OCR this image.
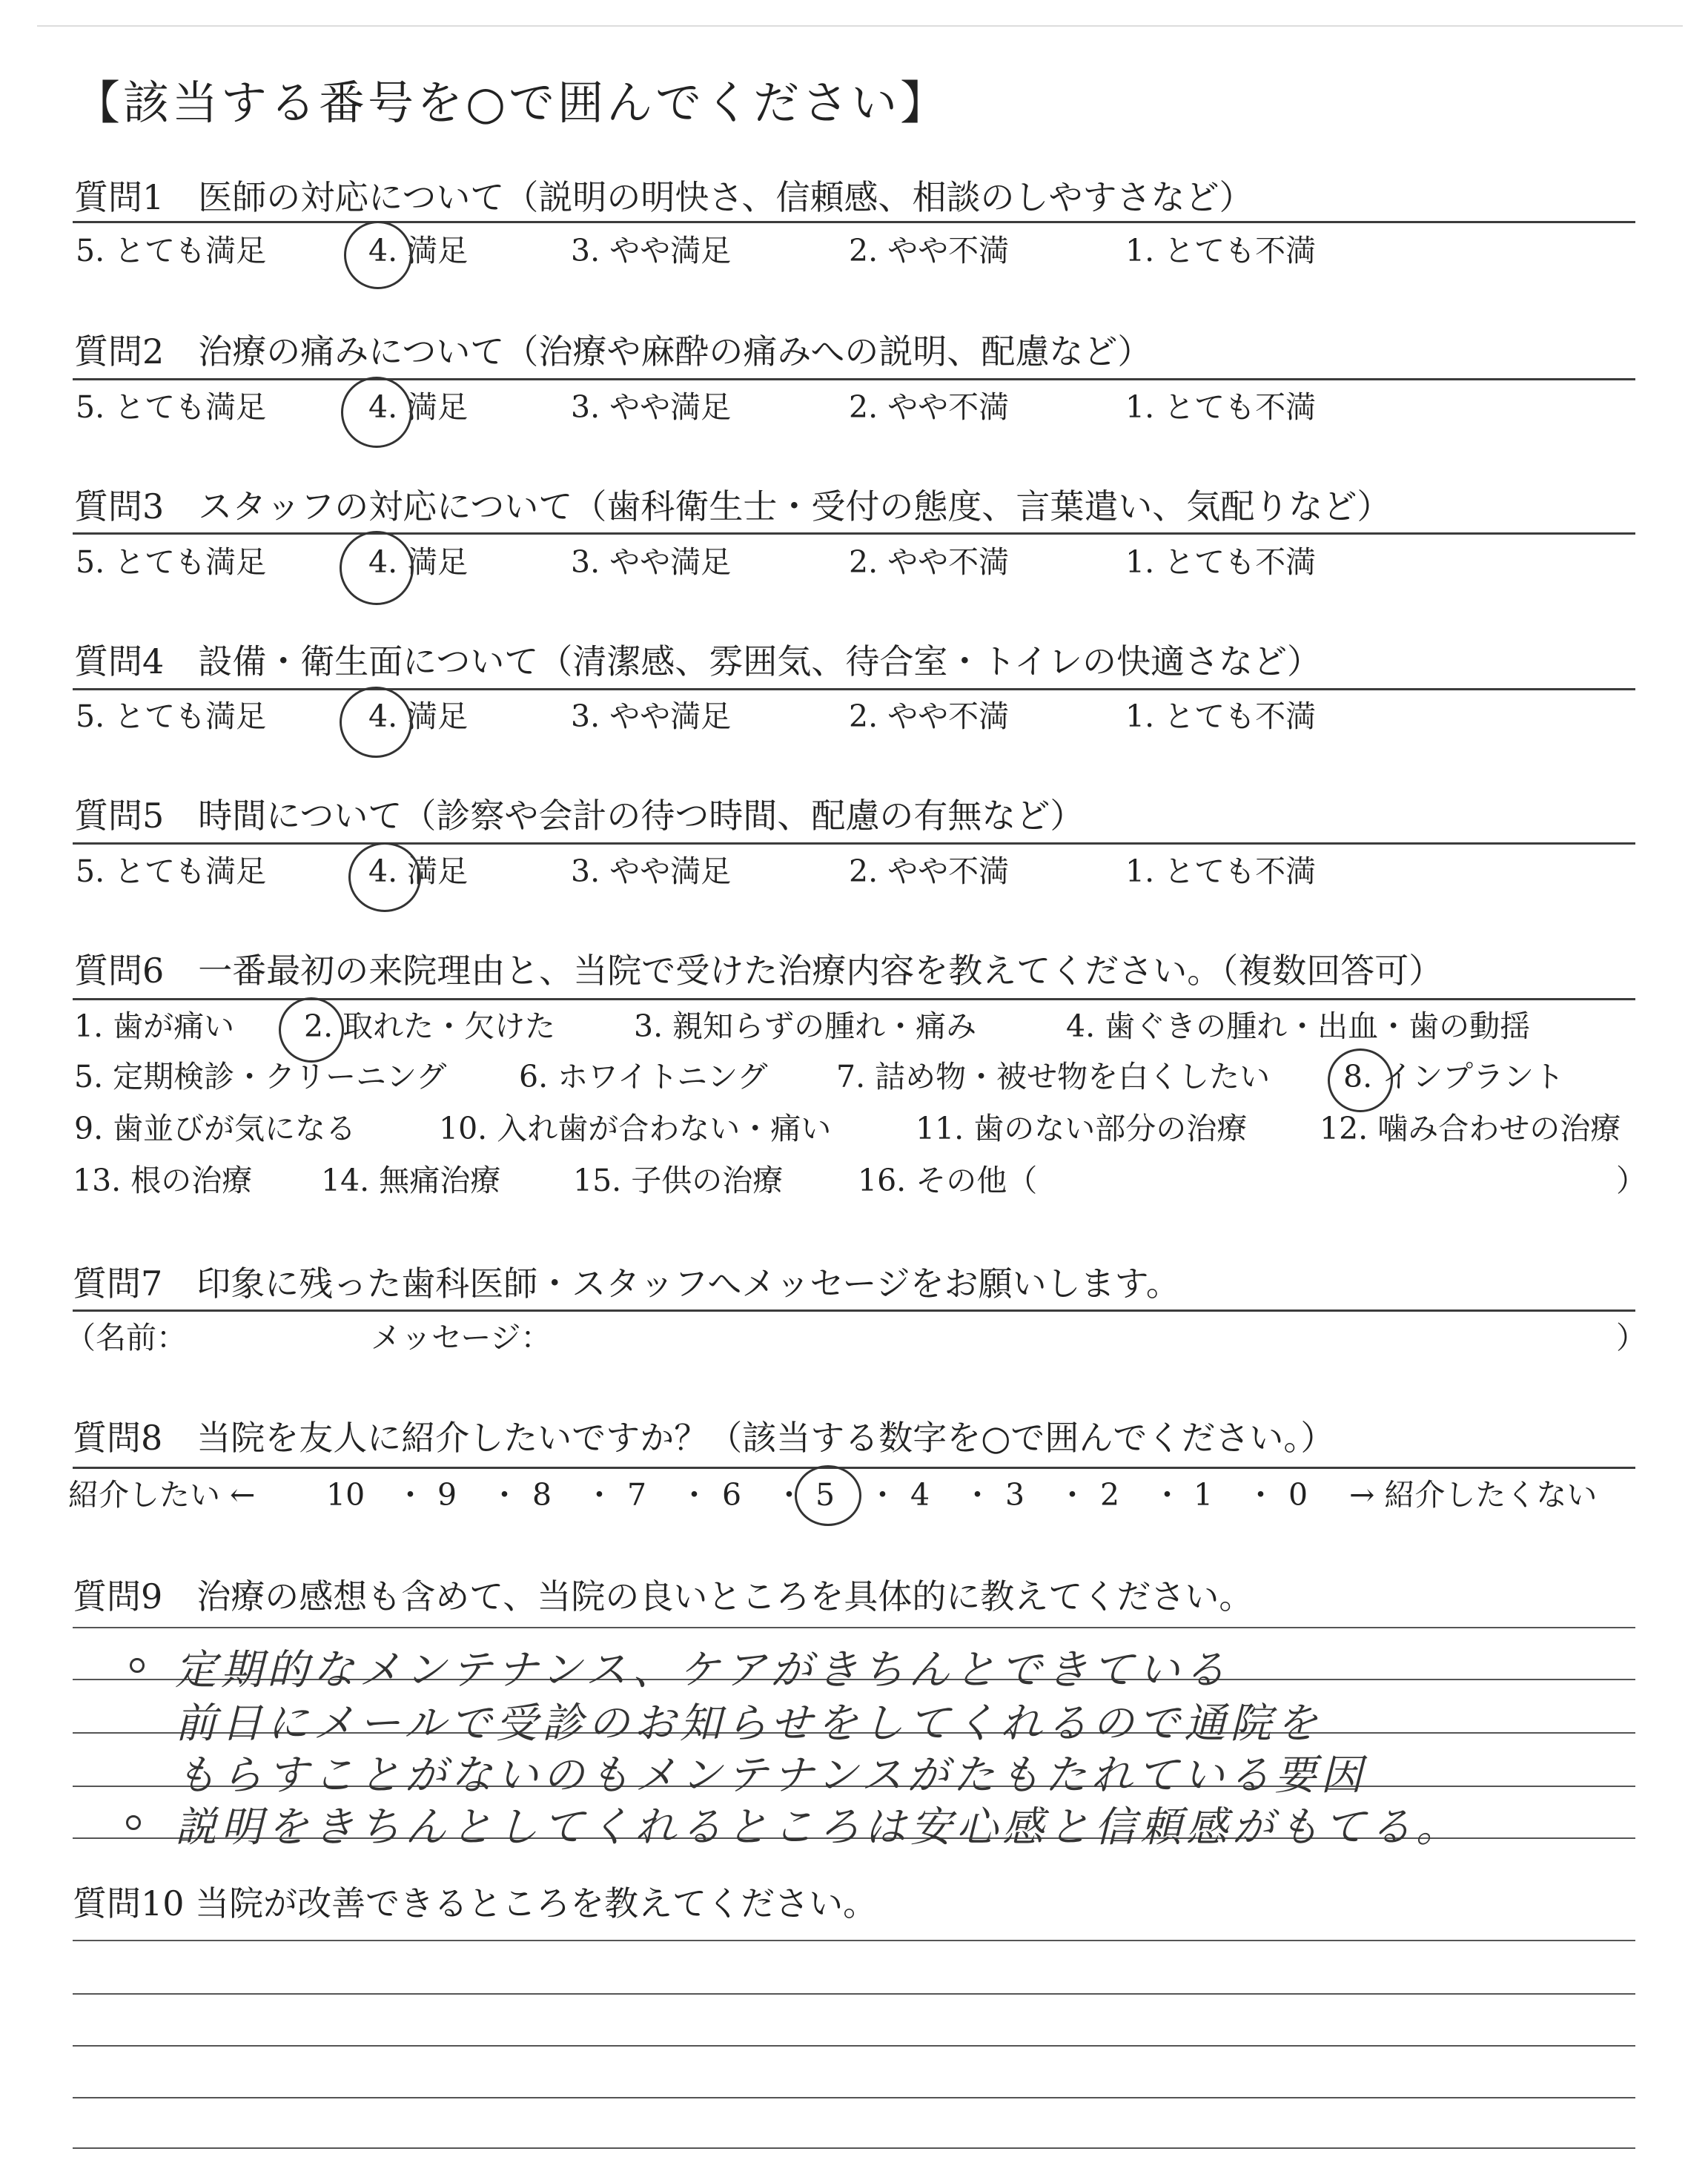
【該当する番号を○で囲んでください】
質問1　医師の対応について（説明の明快さ、信頼感、相談のしやすさなど）
5. とても満足	4. 満足	3. やや満足	2. やや不満	1. とても不満
質問2　治療の痛みについて（治療や麻酔の痛みへの説明、配慮など）
5. とても満足	4. 満足	3. やや満足	2. やや不満	1. とても不満
質問3　スタッフの対応について（歯科衛生士・受付の態度、言葉遣い、気配りなど）
5. とても満足	4. 満足	3. やや満足	2. やや不満	1. とても不満
質問4　設備・衛生面について（清潔感、雰囲気、待合室・トイレの快適さなど）
5. とても満足	4. 満足	3. やや満足	2. やや不満	1. とても不満
質問5　時間について（診察や会計の待つ時間、配慮の有無など）
5. とても満足	4. 満足	3. やや満足	2. やや不満	1. とても不満
質問6　一番最初の来院理由と、当院で受けた治療内容を教えてください。（複数回答可）
1. 歯が痛い 2. 取れた・欠けた	3. 親知らずの腫れ・痛み	4. 歯ぐきの腫れ・出血・歯の動揺
5. 定期検診・クリーニング 6. ホワイトニング 7. 詰め物・被せ物を白くしたい 8. インプラント
9. 歯並びが気になる	10. 入れ歯が合わない・痛い	11. 歯のない部分の治療 12. 噛み合わせの治療
13. 根の治療 14. 無痛治療 15. 子供の治療 16. その他（	）
質問7　印象に残った歯科医師・スタッフへメッセージをお願いします。
（名前：	メッセージ：	）
質問8　当院を友人に紹介したいですか？（該当する数字を○で囲んでください。）
紹介したい ← 10 ・ 9 ・ 8 ・ 7 ・ 6 ・ 5 ・ 4 ・ 3 ・ 2 ・ 1 ・ 0 → 紹介したくない
質問9　治療の感想も含めて、当院の良いところを具体的に教えてください。
定期的なメンテナンス、ケアがきちんとできている
前日にメールで受診のお知らせをしてくれるので通院を
もらすことがないのもメンテナンスがたもたれている要因
説明をきちんとしてくれるところは安心感と信頼感がもてる。
質問10 当院が改善できるところを教えてください。
